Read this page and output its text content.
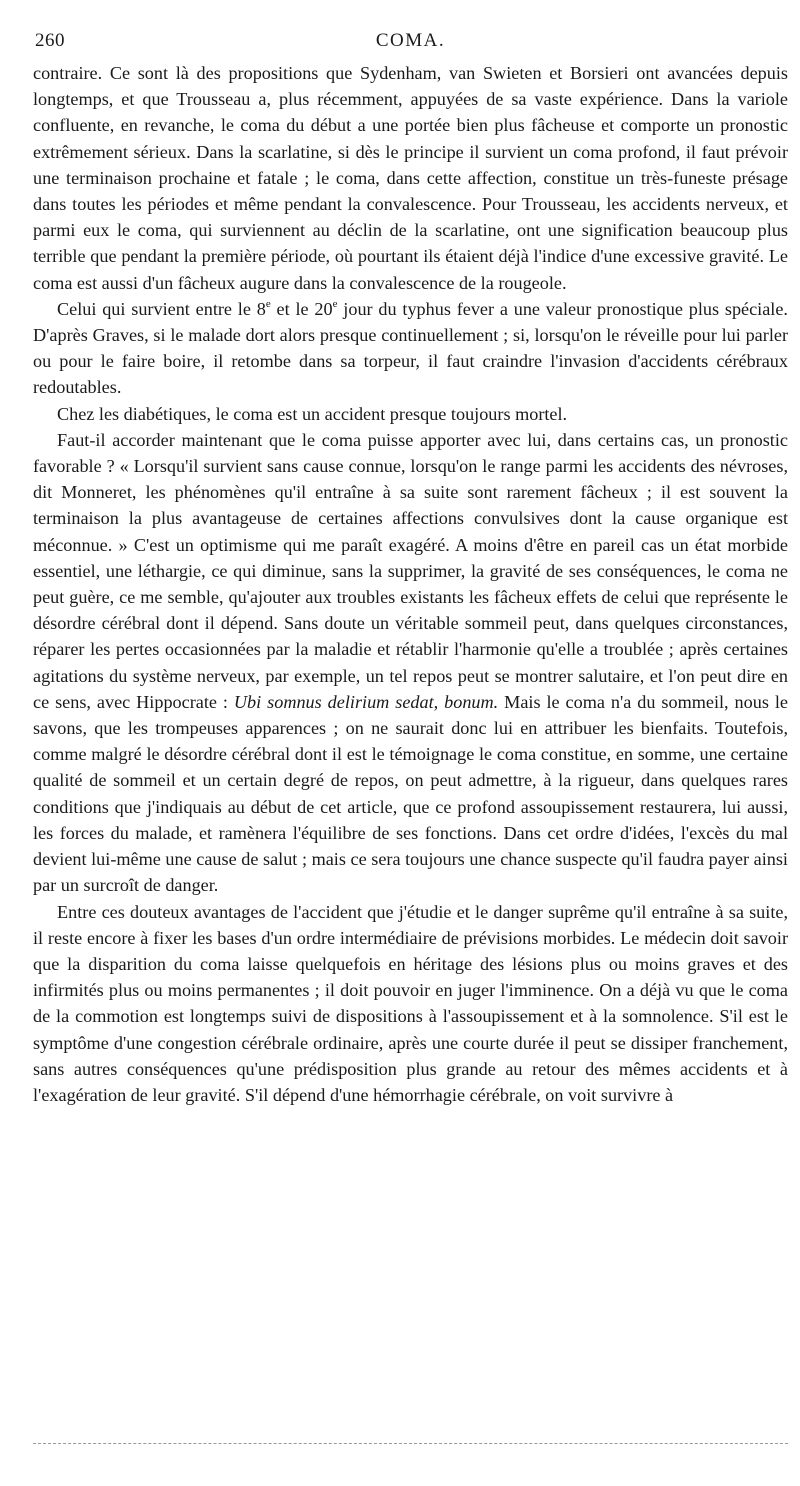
260	COMA.

contraire. Ce sont là des propositions que Sydenham, van Swieten et Borsieri ont avancées depuis longtemps, et que Trousseau a, plus récemment, appuyées de sa vaste expérience. Dans la variole confluente, en revanche, le coma du début a une portée bien plus fâcheuse et comporte un pronostic extrêmement sérieux. Dans la scarlatine, si dès le principe il survient un coma profond, il faut prévoir une terminaison prochaine et fatale ; le coma, dans cette affection, constitue un très-funeste présage dans toutes les périodes et même pendant la convalescence. Pour Trousseau, les accidents nerveux, et parmi eux le coma, qui surviennent au déclin de la scarlatine, ont une signification beaucoup plus terrible que pendant la première période, où pourtant ils étaient déjà l'indice d'une excessive gravité. Le coma est aussi d'un fâcheux augure dans la convalescence de la rougeole.

Celui qui survient entre le 8e et le 20e jour du typhus fever a une valeur pronostique plus spéciale. D'après Graves, si le malade dort alors presque continuellement ; si, lorsqu'on le réveille pour lui parler ou pour le faire boire, il retombe dans sa torpeur, il faut craindre l'invasion d'accidents cérébraux redoutables.

Chez les diabétiques, le coma est un accident presque toujours mortel.

Faut-il accorder maintenant que le coma puisse apporter avec lui, dans certains cas, un pronostic favorable ? « Lorsqu'il survient sans cause connue, lorsqu'on le range parmi les accidents des névroses, dit Monneret, les phénomènes qu'il entraîne à sa suite sont rarement fâcheux ; il est souvent la terminaison la plus avantageuse de certaines affections convulsives dont la cause organique est méconnue. » C'est un optimisme qui me paraît exagéré. A moins d'être en pareil cas un état morbide essentiel, une léthargie, ce qui diminue, sans la supprimer, la gravité de ses conséquences, le coma ne peut guère, ce me semble, qu'ajouter aux troubles existants les fâcheux effets de celui que représente le désordre cérébral dont il dépend. Sans doute un véritable sommeil peut, dans quelques circonstances, réparer les pertes occasionnées par la maladie et rétablir l'harmonie qu'elle a troublée ; après certaines agitations du système nerveux, par exemple, un tel repos peut se montrer salutaire, et l'on peut dire en ce sens, avec Hippocrate : Ubi somnus delirium sedat, bonum. Mais le coma n'a du sommeil, nous le savons, que les trompeuses apparences ; on ne saurait donc lui en attribuer les bienfaits. Toutefois, comme malgré le désordre cérébral dont il est le témoignage le coma constitue, en somme, une certaine qualité de sommeil et un certain degré de repos, on peut admettre, à la rigueur, dans quelques rares conditions que j'indiquais au début de cet article, que ce profond assoupissement restaurera, lui aussi, les forces du malade, et ramènera l'équilibre de ses fonctions. Dans cet ordre d'idées, l'excès du mal devient lui-même une cause de salut ; mais ce sera toujours une chance suspecte qu'il faudra payer ainsi par un surcroît de danger.

Entre ces douteux avantages de l'accident que j'étudie et le danger suprême qu'il entraîne à sa suite, il reste encore à fixer les bases d'un ordre intermédiaire de prévisions morbides. Le médecin doit savoir que la disparition du coma laisse quelquefois en héritage des lésions plus ou moins graves et des infirmités plus ou moins permanentes ; il doit pouvoir en juger l'imminence. On a déjà vu que le coma de la commotion est longtemps suivi de dispositions à l'assoupissement et à la somnolence. S'il est le symptôme d'une congestion cérébrale ordinaire, après une courte durée il peut se dissiper franchement, sans autres conséquences qu'une prédisposition plus grande au retour des mêmes accidents et à l'exagération de leur gravité. S'il dépend d'une hémorrhagie cérébrale, on voit survivre à
